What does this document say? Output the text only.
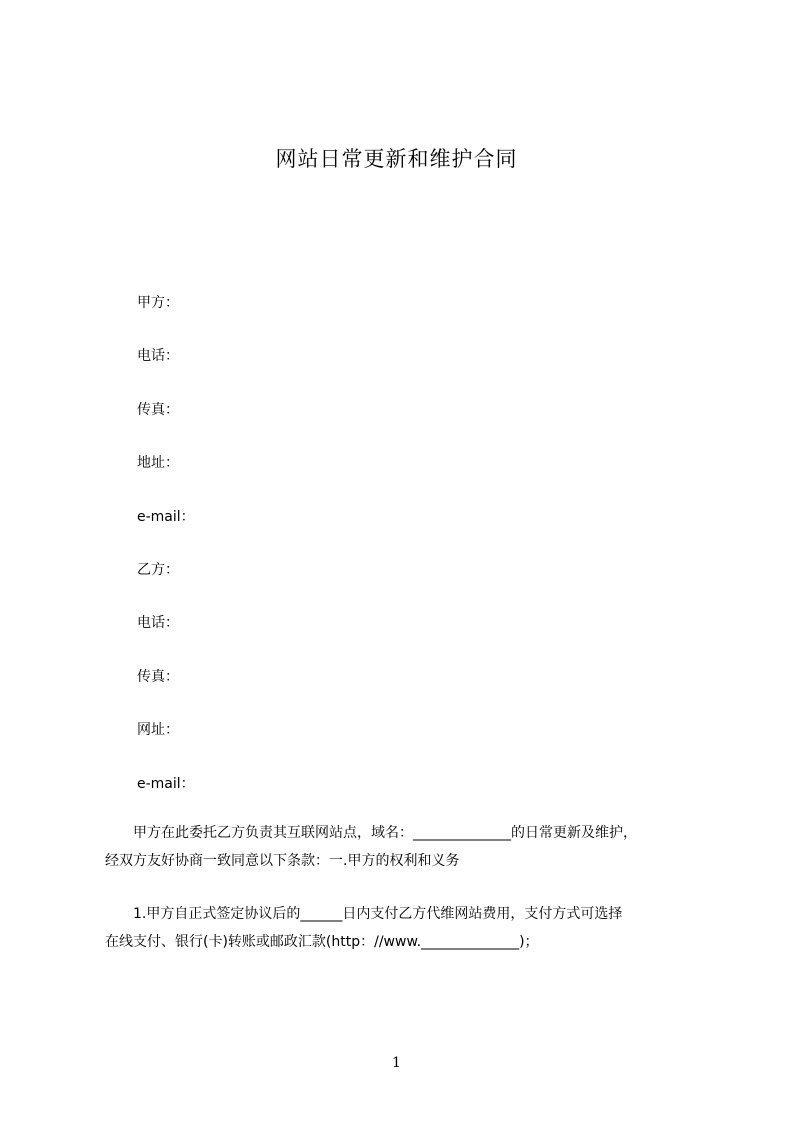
网站日常更新和维护合同
甲方：
电话：
传真：
地址：
e-mail：
乙方：
电话：
传真：
网址：
e-mail：
　　甲方在此委托乙方负责其互联网站点，域名：______________的日常更新及维护，
经双方友好协商一致同意以下条款：一.甲方的权利和义务
　　1.甲方自正式签定协议后的______日内支付乙方代维网站费用，支付方式可选择
在线支付、银行(卡)转账或邮政汇款(http：//www.______________)；
1
